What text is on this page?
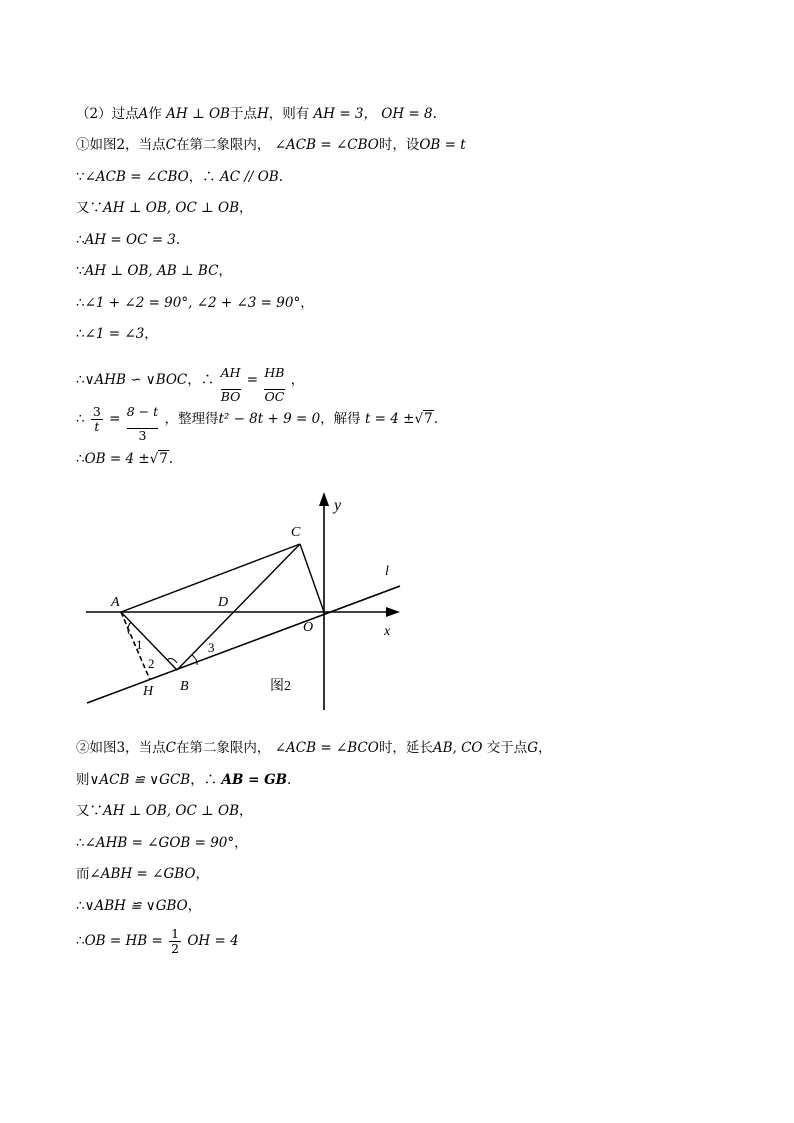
（2）过点A作 AH ⊥ OB于点H，则有 AH = 3， OH = 8.
①如图2，当点C在第二象限内， ∠ACB = ∠CBO时，设OB = t
∵∠ACB = ∠CBO，∴ AC // OB.
又∵AH ⊥ OB, OC ⊥ OB，
∴AH = OC = 3.
∵AH ⊥ OB, AB ⊥ BC，
∴∠1 + ∠2 = 90°, ∠2 + ∠3 = 90°，
∴∠1 = ∠3，
∴∨AHB ∽ ∨BOC，∴ $\frac{AH}{BO} = \frac{HB}{OC}$ ，
∴ $\frac{3}{t} = \frac{8 - t}{3}$ ，整理得t² − 8t + 9 = 0，解得 t = 4 ±√7.
∴OB = 4 ±√7.
A
B
C
D
O
H
x
y
l
1
2
3
图2
②如图3，当点C在第二象限内， ∠ACB = ∠BCO时，延长AB, CO 交于点G，
则∨ACB ≌ ∨GCB，∴ AB = GB.
又∵AH ⊥ OB, OC ⊥ OB，
∴∠AHB = ∠GOB = 90°，
而∠ABH = ∠GBO，
∴∨ABH ≌ ∨GBO，
∴OB = HB = $\frac{1}{2}$ OH = 4
